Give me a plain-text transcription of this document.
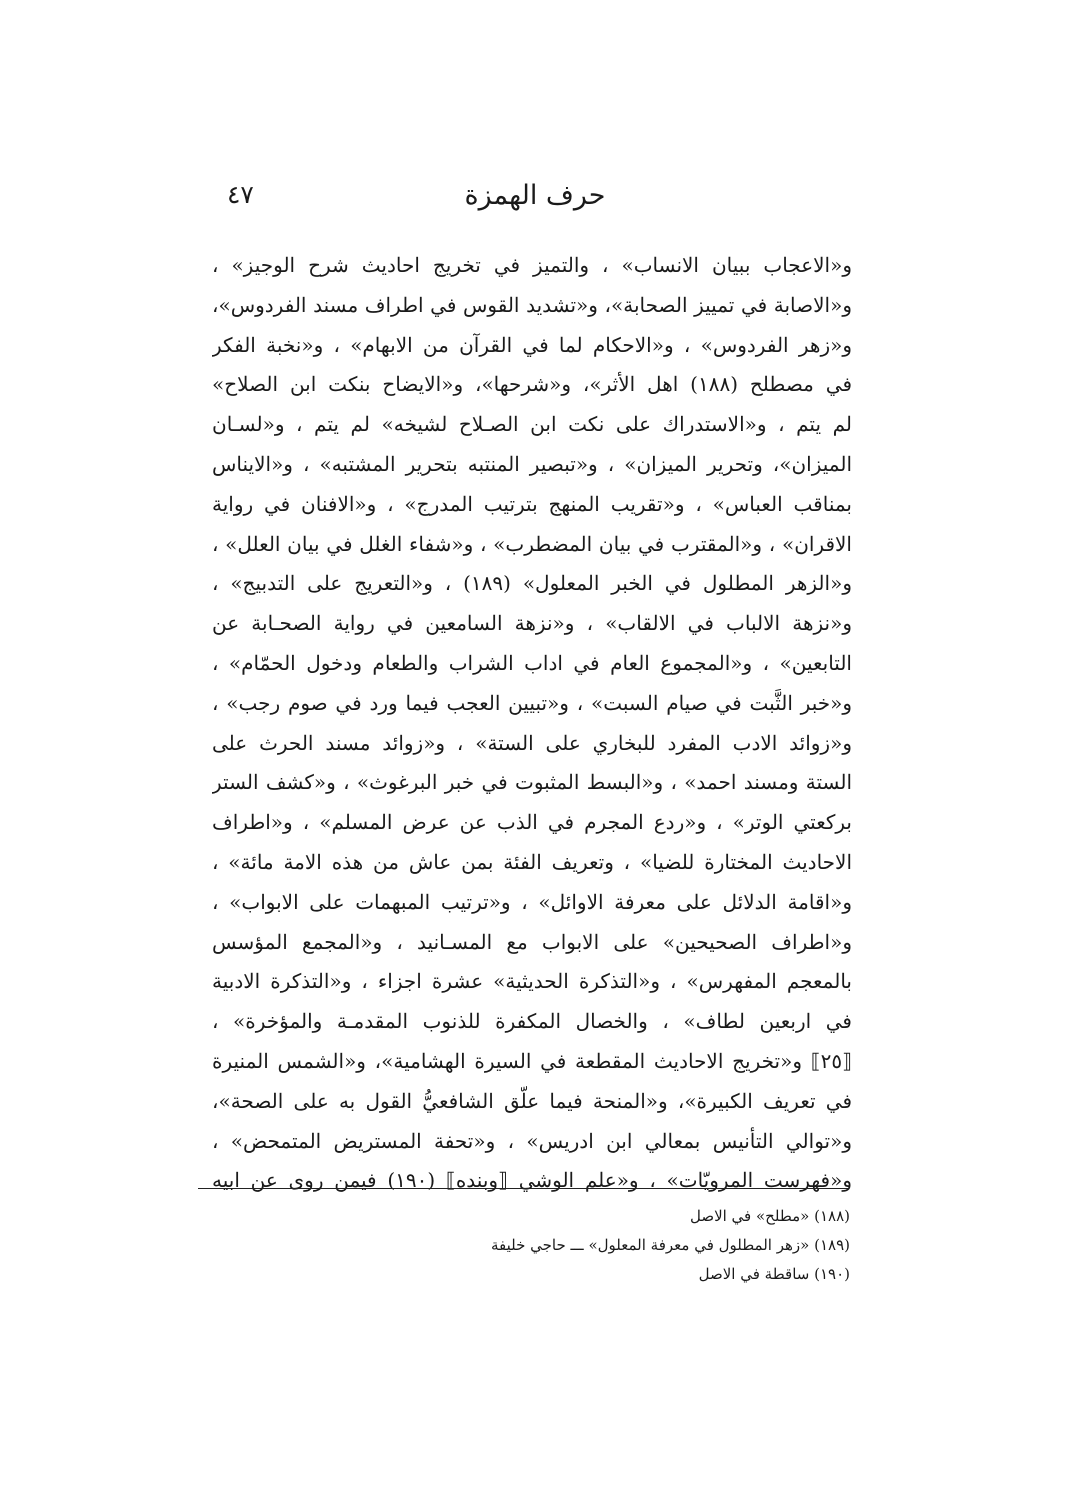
٤٧	حرف الهمزة
و«الاعجاب ببيان الانساب» ، والتميز في تخريج احاديث شرح الوجيز» ،
و«الاصابة في تمييز الصحابة»، و«تشديد القوس في اطراف مسند الفردوس»،
و«زهر الفردوس» ، و«الاحكام لما في القرآن من الابهام» ، و«نخبة الفكر
في مصطلح (١٨٨) اهل الأثر»، و«شرحها»، و«الايضاح بنكت ابن الصلاح»
لم يتم ، و«الاستدراك على نكت ابن الصـلاح لشيخه» لم يتم ، و«لسـان
الميزان»، وتحرير الميزان» ، و«تبصير المنتبه بتحرير المشتبه» ، و«الايناس
بمناقب العباس» ، و«تقريب المنهج بترتيب المدرج» ، و«الافنان في رواية
الاقران» ، و«المقترب في بيان المضطرب» ، و«شفاء الغلل في بيان العلل» ،
و«الزهر المطلول في الخبر المعلول» (١٨٩) ، و«التعريج على التدبيج» ،
و«نزهة الالباب في الالقاب» ، و«نزهة السامعين في رواية الصحـابة عن
التابعين» ، و«المجموع العام في اداب الشراب والطعام ودخول الحمّام» ،
و«خبر الثَّبت في صيام السبت» ، و«تبيين العجب فيما ورد في صوم رجب» ،
و«زوائد الادب المفرد للبخاري على الستة» ، و«زوائد مسند الحرث على
الستة ومسند احمد» ، و«البسط المثبوت في خبر البرغوث» ، و«كشف الستر
بركعتي الوتر» ، و«ردع المجرم في الذب عن عرض المسلم» ، و«اطراف
الاحاديث المختارة للضيا» ، وتعريف الفئة بمن عاش من هذه الامة مائة» ،
و«اقامة الدلائل على معرفة الاوائل» ، و«ترتيب المبهمات على الابواب» ،
و«اطراف الصحيحين» على الابواب مع المسـانيد ، و«المجمع المؤسس
بالمعجم المفهرس» ، و«التذكرة الحديثية» عشرة اجزاء ، و«التذكرة الادبية
في اربعين لطاف» ، والخصال المكفرة للذنوب المقدمـة والمؤخرة» ،
⟦٢٥⟧ و«تخريج الاحاديث المقطعة في السيرة الهشامية»، و«الشمس المنيرة
في تعريف الكبيرة»، و«المنحة فيما علّق الشافعيُّ القول به على الصحة»،
و«توالي التأنيس بمعالي ابن ادريس» ، و«تحفة المستريض المتمحض» ،
و«فهرست المرويّات» ، و«علم الوشي ⟦وبنده⟧ (١٩٠) فيمن روى عن ابيه
(١٨٨) «مطلح» في الاصل
(١٨٩) «زهر المطلول في معرفة المعلول» ـــ حاجي خليفة
(١٩٠) ساقطة في الاصل
